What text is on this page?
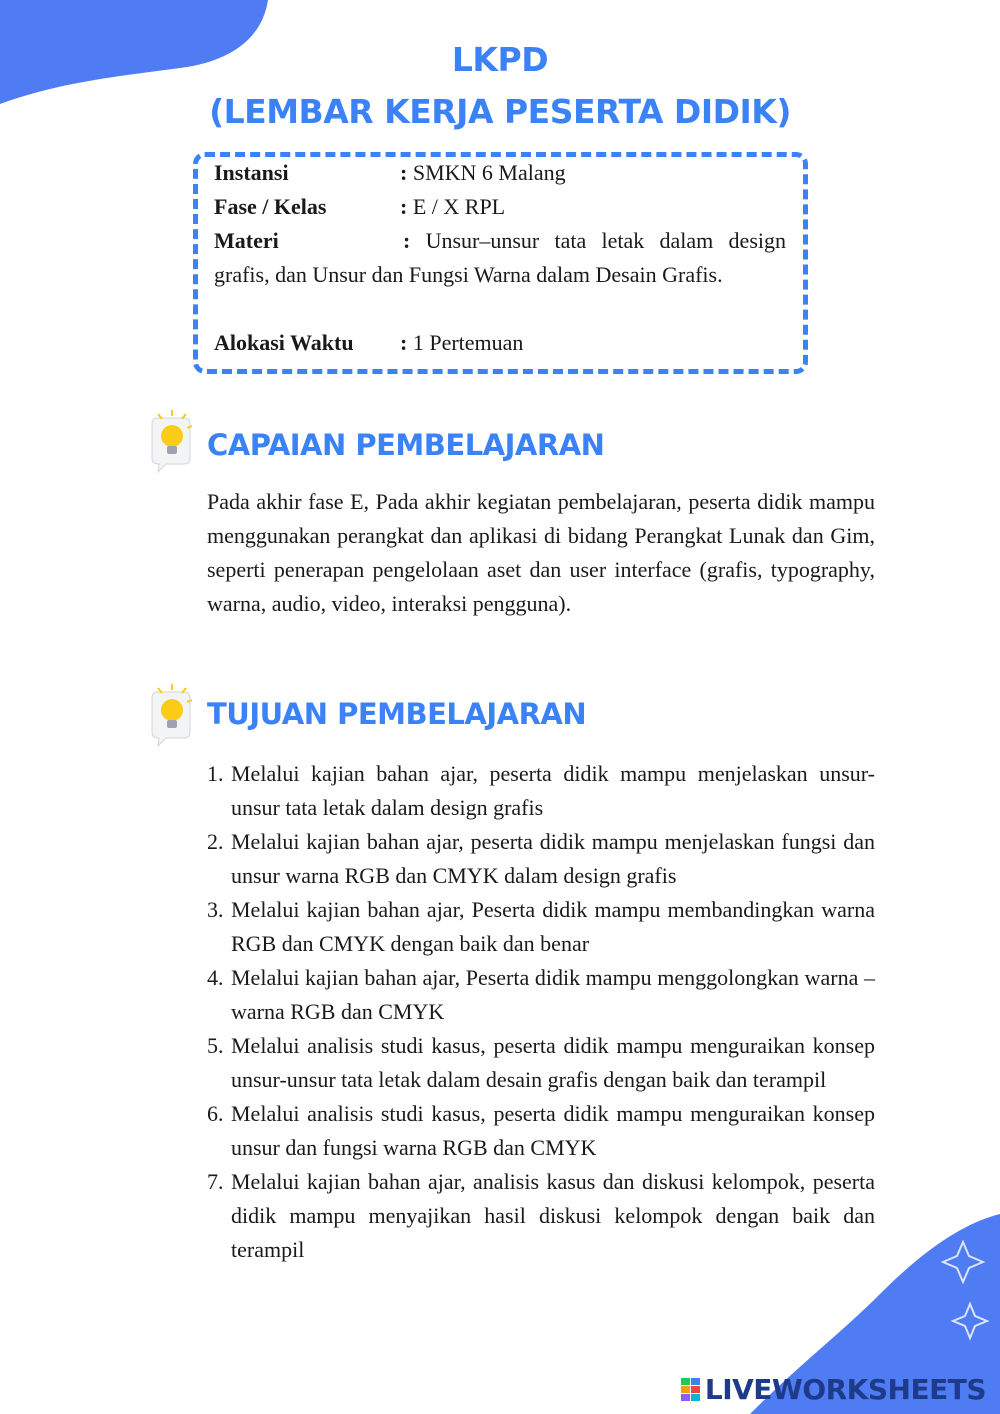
LKPD
(LEMBAR KERJA PESERTA DIDIK)
Instansi	: SMKN 6 Malang
Fase / Kelas	: E / X RPL
Materi	: Unsur–unsur tata letak dalam design grafis, dan Unsur dan Fungsi Warna dalam Desain Grafis.
Alokasi Waktu : 1 Pertemuan
CAPAIAN PEMBELAJARAN
Pada akhir fase E, Pada akhir kegiatan pembelajaran, peserta didik mampu menggunakan perangkat dan aplikasi di bidang Perangkat Lunak dan Gim, seperti penerapan pengelolaan aset dan user interface (grafis, typography, warna, audio, video, interaksi pengguna).
TUJUAN PEMBELAJARAN
1. Melalui kajian bahan ajar, peserta didik mampu menjelaskan unsur-unsur tata letak dalam design grafis
2. Melalui kajian bahan ajar, peserta didik mampu menjelaskan fungsi dan unsur warna RGB dan CMYK dalam design grafis
3. Melalui kajian bahan ajar, Peserta didik mampu membandingkan warna RGB dan CMYK dengan baik dan benar
4. Melalui kajian bahan ajar, Peserta didik mampu menggolongkan warna – warna RGB dan CMYK
5. Melalui analisis studi kasus, peserta didik mampu menguraikan konsep unsur-unsur tata letak dalam desain grafis dengan baik dan terampil
6. Melalui analisis studi kasus, peserta didik mampu menguraikan konsep unsur dan fungsi warna RGB dan CMYK
7. Melalui kajian bahan ajar, analisis kasus dan diskusi kelompok, peserta didik mampu menyajikan hasil diskusi kelompok dengan baik dan terampil
LIVEWORKSHEETS
